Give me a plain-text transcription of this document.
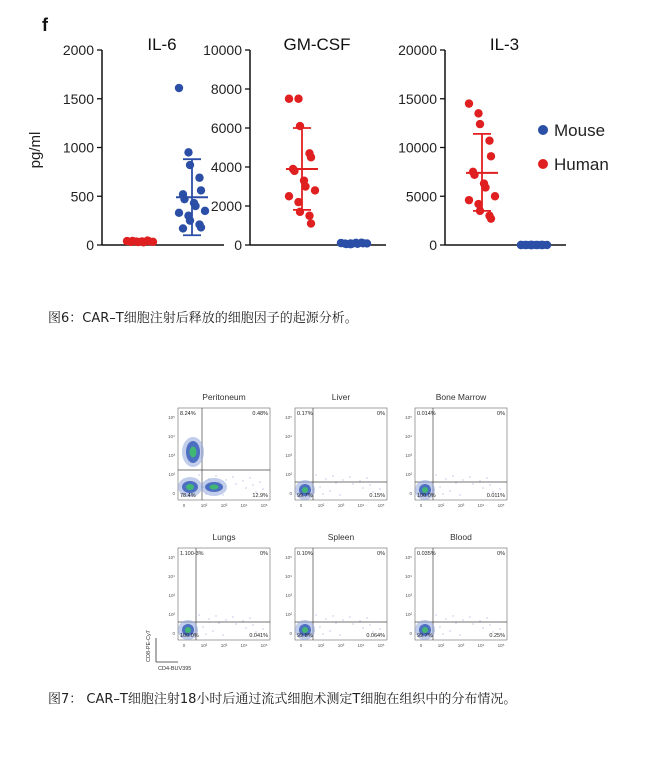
f
IL-6
0
500
1000
1500
2000
pg/ml
GM-CSF
0
2000
4000
6000
8000
10000	IL-3
0
5000
10000
15000
20000
Mouse
Human
图6：CAR–T细胞注射后释放的细胞因子的起源分析。
Peritoneum
0
0
10²
10²
10³
10³
10⁴
10⁴
10⁵
10⁵
8.24%	0.48%
78.4%	12.9%
Liver
0
0
10²
10²
10³
10³
10⁴
10⁴
10⁵
10⁵
0.17%	0%
99.7%	0.15%
Bone Marrow
0
0
10²
10²
10³
10³
10⁴
10⁴
10⁵
10⁵
0.014%	0%
100.0%	0.011%
Lungs
0
0
10²
10²
10³
10³
10⁴
10⁴
10⁵
10⁵
1.100-3%	0%
100.0%	0.041%
Spleen
0
0
10²
10²
10³
10³
10⁴
10⁴
10⁵
10⁵
0.10%	0%
99.8%	0.064%
Blood
0
0
10²
10²
10³
10³
10⁴
10⁴
10⁵
10⁵
0.035%	0%
99.7%	0.25%
CD8-PE-Cy7
CD4-BUV395
图7： CAR–T细胞注射18小时后通过流式细胞术测定T细胞在组织中的分布情况。
